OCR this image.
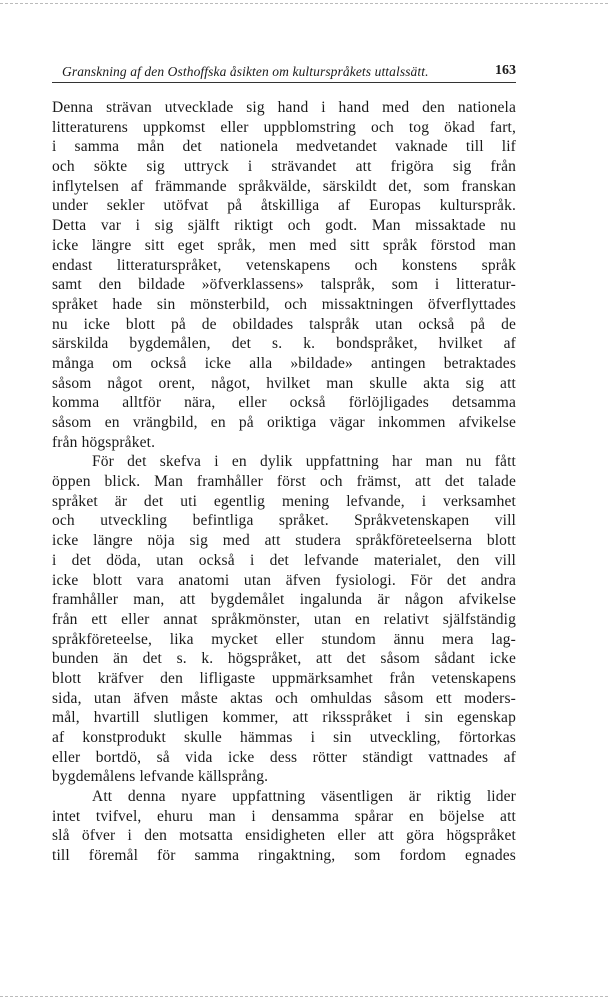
Granskning af den Osthoffska åsikten om kulturspråkets uttalssätt.	163
Denna strävan utvecklade sig hand i hand med den nationela
litteraturens uppkomst eller uppblomstring och tog ökad fart,
i samma mån det nationela medvetandet vaknade till lif
och sökte sig uttryck i strävandet att frigöra sig från
inflytelsen af främmande språkvälde, särskildt det, som franskan
under sekler utöfvat på åtskilliga af Europas kulturspråk.
Detta var i sig själft riktigt och godt. Man missaktade nu
icke längre sitt eget språk, men med sitt språk förstod man
endast litteraturspråket, vetenskapens och konstens språk
samt den bildade »öfverklassens» talspråk, som i litteratur-
språket hade sin mönsterbild, och missaktningen öfverflyttades
nu icke blott på de obildades talspråk utan också på de
särskilda bygdemålen, det s. k. bondspråket, hvilket af
många om också icke alla »bildade» antingen betraktades
såsom något orent, något, hvilket man skulle akta sig att
komma alltför nära, eller också förlöjligades detsamma
såsom en vrängbild, en på oriktiga vägar inkommen afvikelse
från högspråket.
För det skefva i en dylik uppfattning har man nu fått
öppen blick. Man framhåller först och främst, att det talade
språket är det uti egentlig mening lefvande, i verksamhet
och utveckling befintliga språket. Språkvetenskapen vill
icke längre nöja sig med att studera språkföreteelserna blott
i det döda, utan också i det lefvande materialet, den vill
icke blott vara anatomi utan äfven fysiologi. För det andra
framhåller man, att bygdemålet ingalunda är någon afvikelse
från ett eller annat språkmönster, utan en relativt själfständig
språkföreteelse, lika mycket eller stundom ännu mera lag-
bunden än det s. k. högspråket, att det såsom sådant icke
blott kräfver den lifligaste uppmärksamhet från vetenskapens
sida, utan äfven måste aktas och omhuldas såsom ett moders-
mål, hvartill slutligen kommer, att riksspråket i sin egenskap
af konstprodukt skulle hämmas i sin utveckling, förtorkas
eller bortdö, så vida icke dess rötter ständigt vattnades af
bygdemålens lefvande källsprång.
Att denna nyare uppfattning väsentligen är riktig lider
intet tvifvel, ehuru man i densamma spårar en böjelse att
slå öfver i den motsatta ensidigheten eller att göra högspråket
till föremål för samma ringaktning, som fordom egnades
